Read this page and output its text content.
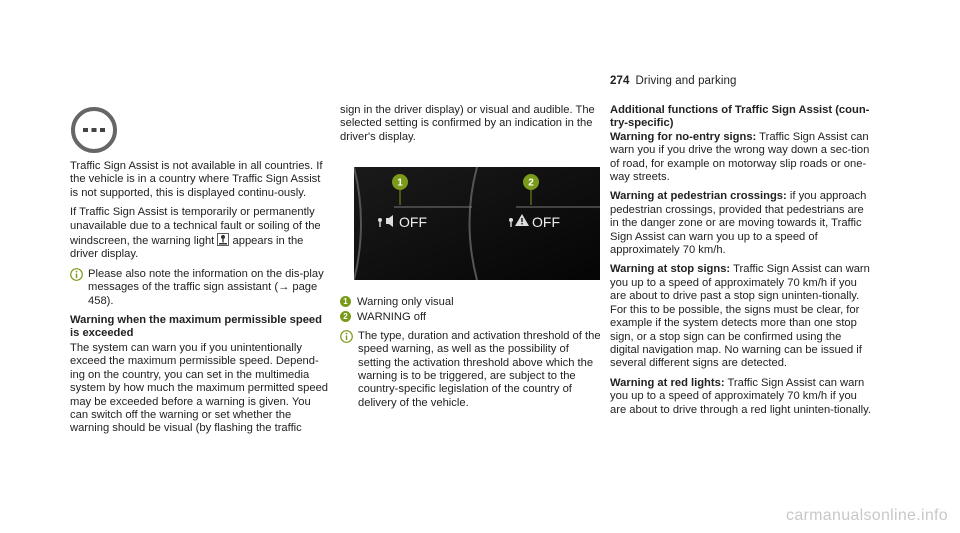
274 Driving and parking

Traffic Sign Assist is not available in all countries. If the vehicle is in a country where Traffic Sign Assist is not supported, this is displayed continu-ously.

If Traffic Sign Assist is temporarily or permanently unavailable due to a technical fault or soiling of the windscreen, the warning light appears in the driver display.

Please also note the information on the dis-play messages of the traffic sign assistant (→ page 458).

Warning when the maximum permissible speed is exceeded

The system can warn you if you unintentionally exceed the maximum permissible speed. Depend-ing on the country, you can set in the multimedia system by how much the maximum permitted speed may be exceeded before a warning is given. You can switch off the warning or set whether the warning should be visual (by flashing the traffic

sign in the driver display) or visual and audible. The selected setting is confirmed by an indication in the driver's display.

1	2
OFF	OFF
1 Warning only visual
2 WARNING off

The type, duration and activation threshold of the speed warning, as well as the possibility of setting the activation threshold above which the warning is to be triggered, are subject to the country-specific legislation of the country of delivery of the vehicle.

Additional functions of Traffic Sign Assist (coun-try-specific)

Warning for no-entry signs: Traffic Sign Assist can warn you if you drive the wrong way down a sec-tion of road, for example on motorway slip roads or one-way streets.

Warning at pedestrian crossings: if you approach pedestrian crossings, provided that pedestrians are in the danger zone or are moving towards it, Traffic Sign Assist can warn you up to a speed of approximately 70 km/h.

Warning at stop signs: Traffic Sign Assist can warn you up to a speed of approximately 70 km/h if you are about to drive past a stop sign uninten-tionally. For this to be possible, the signs must be clear, for example if the system detects more than one stop sign, or a stop sign can be confirmed using the digital navigation map. No warning can be issued if several different signs are detected.

Warning at red lights: Traffic Sign Assist can warn you up to a speed of approximately 70 km/h if you are about to drive through a red light uninten-tionally.

carmanualsonline.info
